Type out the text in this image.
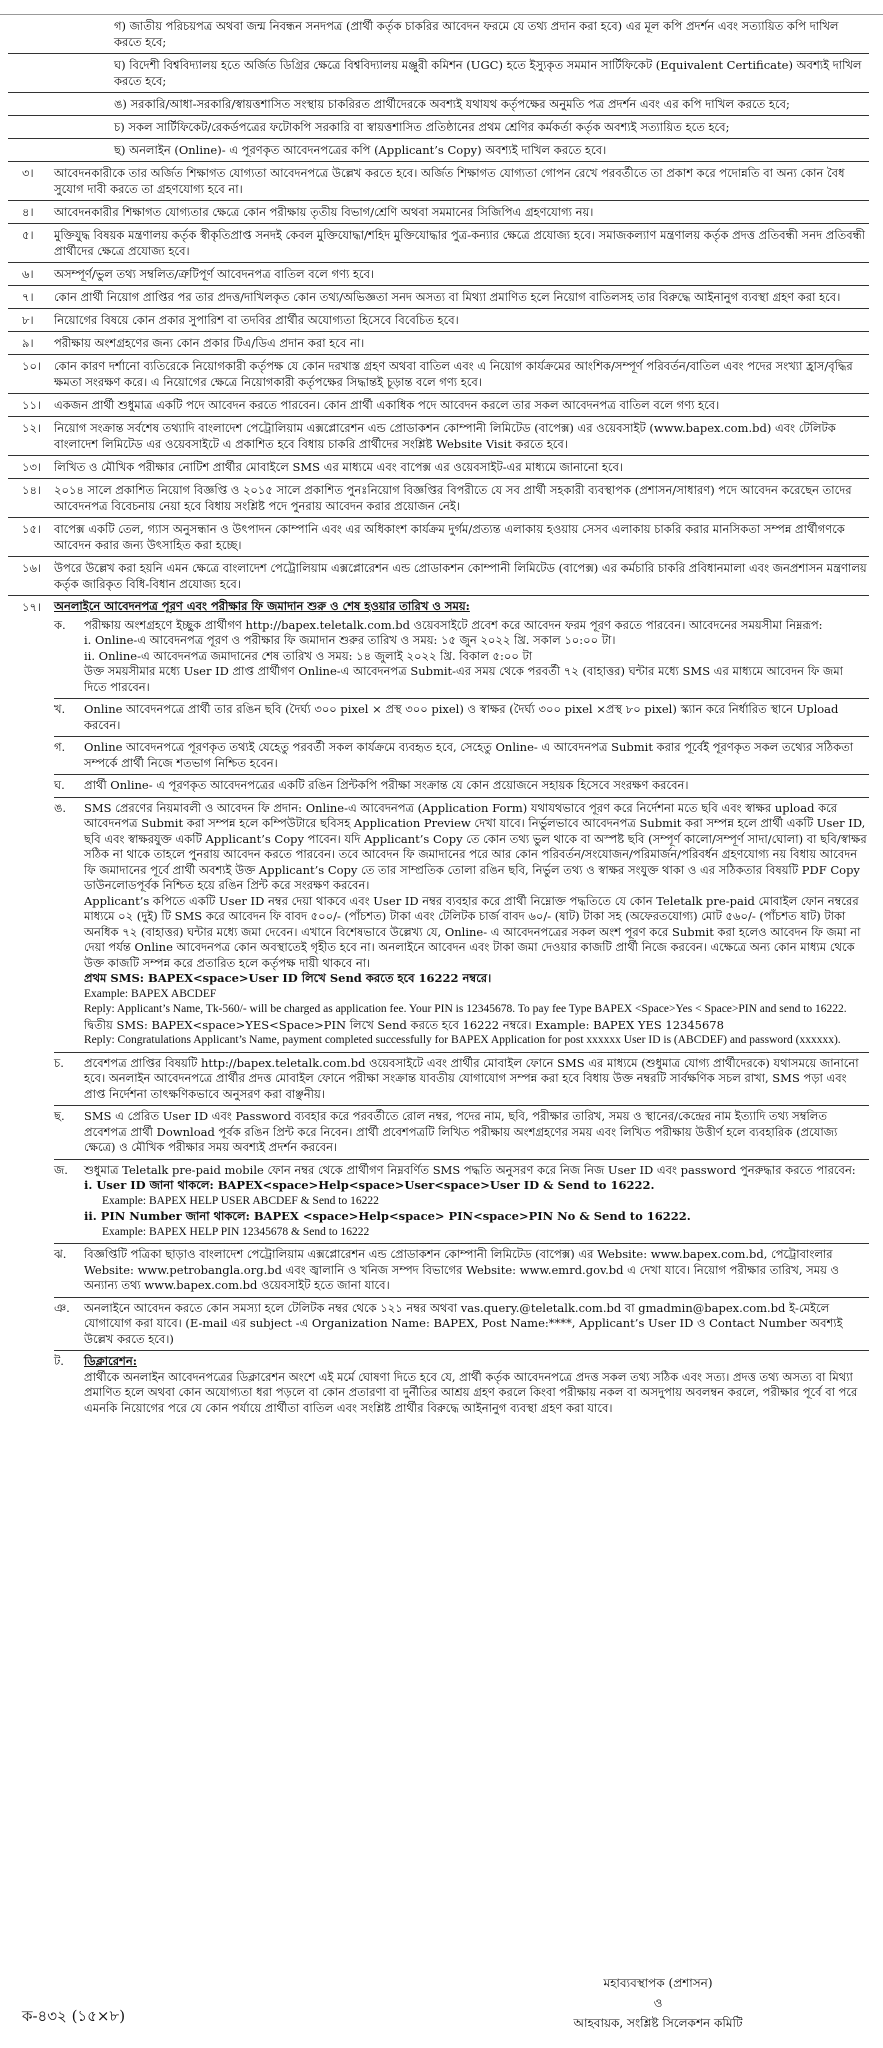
গ) জাতীয় পরিচয়পত্র অথবা জন্ম নিবন্ধন সনদপত্র (প্রার্থী কর্তৃক চাকরির আবেদন ফরমে যে তথ্য প্রদান করা হবে) এর মূল কপি প্রদর্শন এবং সত্যায়িত কপি দাখিল করতে হবে;
ঘ) বিদেশী বিশ্ববিদ্যালয় হতে অর্জিত ডিগ্রির ক্ষেত্রে বিশ্ববিদ্যালয় মঞ্জুরী কমিশন (UGC) হতে ইস্যুকৃত সমমান সার্টিফিকেট (Equivalent Certificate) অবশ্যই দাখিল করতে হবে;
ঙ) সরকারি/আধা-সরকারি/স্বায়ত্তশাসিত সংস্থায় চাকরিরত প্রার্থীদেরকে অবশ্যই যথাযথ কর্তৃপক্ষের অনুমতি পত্র প্রদর্শন এবং এর কপি দাখিল করতে হবে;
চ) সকল সার্টিফিকেট/রেকর্ডপত্রের ফটোকপি সরকারি বা স্বায়ত্তশাসিত প্রতিষ্ঠানের প্রথম শ্রেণির কর্মকর্তা কর্তৃক অবশ্যই সত্যায়িত হতে হবে;
ছ) অনলাইন (Online)- এ পূরণকৃত আবেদনপত্রের কপি (Applicant’s Copy) অবশ্যই দাখিল করতে হবে।
৩।	আবেদনকারীকে তার অর্জিত শিক্ষাগত যোগ্যতা আবেদনপত্রে উল্লেখ করতে হবে। অর্জিত শিক্ষাগত যোগ্যতা গোপন রেখে পরবর্তীতে তা প্রকাশ করে পদোন্নতি বা অন্য কোন বৈধ সুযোগ দাবী করতে তা গ্রহণযোগ্য হবে না।
৪।	আবেদনকারীর শিক্ষাগত যোগ্যতার ক্ষেত্রে কোন পরীক্ষায় তৃতীয় বিভাগ/শ্রেণি অথবা সমমানের সিজিপিএ গ্রহণযোগ্য নয়।
৫।	মুক্তিযুদ্ধ বিষয়ক মন্ত্রণালয় কর্তৃক স্বীকৃতিপ্রাপ্ত সনদই কেবল মুক্তিযোদ্ধা/শহিদ মুক্তিযোদ্ধার পুত্র-কন্যার ক্ষেত্রে প্রযোজ্য হবে। সমাজকল্যাণ মন্ত্রণালয় কর্তৃক প্রদত্ত প্রতিবন্ধী সনদ প্রতিবন্ধী প্রার্থীদের ক্ষেত্রে প্রযোজ্য হবে।
৬।	অসম্পূর্ণ/ভুল তথ্য সম্বলিত/ত্রুটিপূর্ণ আবেদনপত্র বাতিল বলে গণ্য হবে।
৭।	কোন প্রার্থী নিয়োগ প্রাপ্তির পর তার প্রদত্ত/দাখিলকৃত কোন তথ্য/অভিজ্ঞতা সনদ অসত্য বা মিথ্যা প্রমাণিত হলে নিয়োগ বাতিলসহ তার বিরুদ্ধে আইনানুগ ব্যবস্থা গ্রহণ করা হবে।
৮।	নিয়োগের বিষয়ে কোন প্রকার সুপারিশ বা তদবির প্রার্থীর অযোগ্যতা হিসেবে বিবেচিত হবে।
৯।	পরীক্ষায় অংশগ্রহণের জন্য কোন প্রকার টিএ/ডিএ প্রদান করা হবে না।
১০।	কোন কারণ দর্শানো ব্যতিরেকে নিয়োগকারী কর্তৃপক্ষ যে কোন দরখাস্ত গ্রহণ অথবা বাতিল এবং এ নিয়োগ কার্যক্রমের আংশিক/সম্পূর্ণ পরিবর্তন/বাতিল এবং পদের সংখ্যা হ্রাস/বৃদ্ধির ক্ষমতা সংরক্ষণ করে। এ নিয়োগের ক্ষেত্রে নিয়োগকারী কর্তৃপক্ষের সিদ্ধান্তই চূড়ান্ত বলে গণ্য হবে।
১১।	একজন প্রার্থী শুধুমাত্র একটি পদে আবেদন করতে পারবেন। কোন প্রার্থী একাধিক পদে আবেদন করলে তার সকল আবেদনপত্র বাতিল বলে গণ্য হবে।
১২।	নিয়োগ সংক্রান্ত সর্বশেষ তথ্যাদি বাংলাদেশ পেট্রোলিয়াম এক্সপ্লোরেশন এন্ড প্রোডাকশন কোম্পানী লিমিটেড (বাপেক্স) এর ওয়েবসাইট (www.bapex.com.bd) এবং টেলিটক বাংলাদেশ লিমিটেড এর ওয়েবসাইটে এ প্রকাশিত হবে বিধায় চাকরি প্রার্থীদের সংশ্লিষ্ট Website Visit করতে হবে।
১৩।	লিখিত ও মৌখিক পরীক্ষার নোটিশ প্রার্থীর মোবাইলে SMS এর মাধ্যমে এবং বাপেক্স এর ওয়েবসাইট-এর মাধ্যমে জানানো হবে।
১৪।	২০১৪ সালে প্রকাশিত নিয়োগ বিজ্ঞপ্তি ও ২০১৫ সালে প্রকাশিত পুনঃনিয়োগ বিজ্ঞপ্তির বিপরীতে যে সব প্রার্থী সহকারী ব্যবস্থাপক (প্রশাসন/সাধারণ) পদে আবেদন করেছেন তাদের আবেদনপত্র বিবেচনায় নেয়া হবে বিধায় সংশ্লিষ্ট পদে পুনরায় আবেদন করার প্রয়োজন নেই।
১৫।	বাপেক্স একটি তেল, গ্যাস অনুসন্ধান ও উৎপাদন কোম্পানি এবং এর অধিকাংশ কার্যক্রম দুর্গম/প্রত্যন্ত এলাকায় হওয়ায় সেসব এলাকায় চাকরি করার মানসিকতা সম্পন্ন প্রার্থীগণকে আবেদন করার জন্য উৎসাহিত করা হচ্ছে।
১৬।	উপরে উল্লেখ করা হয়নি এমন ক্ষেত্রে বাংলাদেশ পেট্রোলিয়াম এক্সপ্লোরেশন এন্ড প্রোডাকশন কোম্পানী লিমিটেড (বাপেক্স) এর কর্মচারি চাকরি প্রবিধানমালা এবং জনপ্রশাসন মন্ত্রণালয় কর্তৃক জারিকৃত বিধি-বিধান প্রযোজ্য হবে।
১৭।	অনলাইনে আবেদনপত্র পূরণ এবং পরীক্ষার ফি জমাদান শুরু ও শেষ হওয়ার তারিখ ও সময়:
ক.	পরীক্ষায় অংশগ্রহণে ইচ্ছুক প্রার্থীগণ http://bapex.teletalk.com.bd ওয়েবসাইটে প্রবেশ করে আবেদন ফরম পূরণ করতে পারবেন। আবেদনের সময়সীমা নিম্নরূপ:
i. Online-এ আবেদনপত্র পূরণ ও পরীক্ষার ফি জমাদান শুরুর তারিখ ও সময়: ১৫ জুন ২০২২ খ্রি. সকাল ১০:০০ টা।
ii. Online-এ আবেদনপত্র জমাদানের শেষ তারিখ ও সময়: ১৪ জুলাই ২০২২ খ্রি. বিকাল ৫:০০ টা
উক্ত সময়সীমার মধ্যে User ID প্রাপ্ত প্রার্থীগণ Online-এ আবেদনপত্র Submit-এর সময় থেকে পরবর্তী ৭২ (বাহাত্তর) ঘন্টার মধ্যে SMS এর মাধ্যমে আবেদন ফি জমা দিতে পারবেন।
খ.	Online আবেদনপত্রে প্রার্থী তার রঙিন ছবি (দৈর্ঘ্য ৩০০ pixel × প্রস্থ ৩০০ pixel) ও স্বাক্ষর (দৈর্ঘ্য ৩০০ pixel ×প্রস্থ ৮০ pixel) স্ক্যান করে নির্ধারিত স্থানে Upload করবেন।
গ.	Online আবেদনপত্রে পূরণকৃত তথ্যই যেহেতু পরবর্তী সকল কার্যক্রমে ব্যবহৃত হবে, সেহেতু Online- এ আবেদনপত্র Submit করার পূর্বেই পূরণকৃত সকল তথ্যের সঠিকতা সম্পর্কে প্রার্থী নিজে শতভাগ নিশ্চিত হবেন।
ঘ.	প্রার্থী Online- এ পূরণকৃত আবেদনপত্রের একটি রঙিন প্রিন্টকপি পরীক্ষা সংক্রান্ত যে কোন প্রয়োজনে সহায়ক হিসেবে সংরক্ষণ করবেন।
ঙ.	SMS প্রেরণের নিয়মাবলী ও আবেদন ফি প্রদান: Online-এ আবেদনপত্র (Application Form) যথাযথভাবে পূরণ করে নির্দেশনা মতে ছবি এবং স্বাক্ষর upload করে আবেদনপত্র Submit করা সম্পন্ন হলে কম্পিউটারে ছবিসহ Application Preview দেখা যাবে। নির্ভুলভাবে আবেদনপত্র Submit করা সম্পন্ন হলে প্রার্থী একটি User ID, ছবি এবং স্বাক্ষরযুক্ত একটি Applicant’s Copy পাবেন। যদি Applicant’s Copy তে কোন তথ্য ভুল থাকে বা অস্পষ্ট ছবি (সম্পূর্ণ কালো/সম্পূর্ণ সাদা/ঘোলা) বা ছবি/স্বাক্ষর সঠিক না থাকে তাহলে পুনরায় আবেদন করতে পারবেন। তবে আবেদন ফি জমাদানের পরে আর কোন পরিবর্তন/সংযোজন/পরিমার্জন/পরিবর্ধন গ্রহণযোগ্য নয় বিধায় আবেদন ফি জমাদানের পূর্বে প্রার্থী অবশ্যই উক্ত Applicant’s Copy তে তার সাম্প্রতিক তোলা রঙিন ছবি, নির্ভুল তথ্য ও স্বাক্ষর সংযুক্ত থাকা ও এর সঠিকতার বিষয়টি PDF Copy ডাউনলোডপূর্বক নিশ্চিত হয়ে রঙিন প্রিন্ট করে সংরক্ষণ করবেন।
Applicant’s কপিতে একটি User ID নম্বর দেয়া থাকবে এবং User ID নম্বর ব্যবহার করে প্রার্থী নিম্নোক্ত পদ্ধতিতে যে কোন Teletalk pre-paid মোবাইল ফোন নম্বরের মাধ্যমে ০২ (দুই) টি SMS করে আবেদন ফি বাবদ ৫০০/- (পাঁচশত) টাকা এবং টেলিটক চার্জ বাবদ ৬০/- (ষাট) টাকা সহ (অফেরতযোগ্য) মোট ৫৬০/- (পাঁচশত ষাট) টাকা অনধিক ৭২ (বাহাত্তর) ঘন্টার মধ্যে জমা দেবেন। এখানে বিশেষভাবে উল্লেখ্য যে, Online- এ আবেদনপত্রের সকল অংশ পূরণ করে Submit করা হলেও আবেদন ফি জমা না দেয়া পর্যন্ত Online আবেদনপত্র কোন অবস্থাতেই গৃহীত হবে না। অনলাইনে আবেদন এবং টাকা জমা দেওয়ার কাজটি প্রার্থী নিজে করবেন। এক্ষেত্রে অন্য কোন মাধ্যম থেকে উক্ত কাজটি সম্পন্ন করে প্রতারিত হলে কর্তৃপক্ষ দায়ী থাকবে না।
প্রথম SMS: BAPEX<space>User ID লিখে Send করতে হবে 16222 নম্বরে।
Example: BAPEX ABCDEF
Reply: Applicant’s Name, Tk-560/- will be charged as application fee. Your PIN is 12345678. To pay fee Type BAPEX <Space>Yes < Space>PIN and send to 16222.
দ্বিতীয় SMS: BAPEX<space>YES<Space>PIN লিখে Send করতে হবে 16222 নম্বরে। Example: BAPEX YES 12345678
Reply: Congratulations Applicant’s Name, payment completed successfully for BAPEX Application for post xxxxxx User ID is (ABCDEF) and password (xxxxxx).
চ.	প্রবেশপত্র প্রাপ্তির বিষয়টি http://bapex.teletalk.com.bd ওয়েবসাইটে এবং প্রার্থীর মোবাইল ফোনে SMS এর মাধ্যমে (শুধুমাত্র যোগ্য প্রার্থীদেরকে) যথাসময়ে জানানো হবে। অনলাইন আবেদনপত্রে প্রার্থীর প্রদত্ত মোবাইল ফোনে পরীক্ষা সংক্রান্ত যাবতীয় যোগাযোগ সম্পন্ন করা হবে বিধায় উক্ত নম্বরটি সার্বক্ষণিক সচল রাখা, SMS পড়া এবং প্রাপ্ত নির্দেশনা তাৎক্ষণিকভাবে অনুসরণ করা বাঞ্ছনীয়।
ছ.	SMS এ প্রেরিত User ID এবং Password ব্যবহার করে পরবর্তীতে রোল নম্বর, পদের নাম, ছবি, পরীক্ষার তারিখ, সময় ও স্থানের/কেন্দ্রের নাম ইত্যাদি তথ্য সম্বলিত প্রবেশপত্র প্রার্থী Download পূর্বক রঙিন প্রিন্ট করে নিবেন। প্রার্থী প্রবেশপত্রটি লিখিত পরীক্ষায় অংশগ্রহণের সময় এবং লিখিত পরীক্ষায় উত্তীর্ণ হলে ব্যবহারিক (প্রযোজ্য ক্ষেত্রে) ও মৌখিক পরীক্ষার সময় অবশ্যই প্রদর্শন করবেন।
জ.	শুধুমাত্র Teletalk pre-paid mobile ফোন নম্বর থেকে প্রার্থীগণ নিম্নবর্ণিত SMS পদ্ধতি অনুসরণ করে নিজ নিজ User ID এবং password পুনরুদ্ধার করতে পারবেন:
i. User ID জানা থাকলে: BAPEX<space>Help<space>User<space>User ID & Send to 16222.
Example: BAPEX HELP USER ABCDEF & Send to 16222
ii. PIN Number জানা থাকলে: BAPEX <space>Help<space> PIN<space>PIN No & Send to 16222.
Example: BAPEX HELP PIN 12345678 & Send to 16222
ঝ.	বিজ্ঞপ্তিটি পত্রিকা ছাড়াও বাংলাদেশ পেট্রোলিয়াম এক্সপ্লোরেশন এন্ড প্রোডাকশন কোম্পানী লিমিটেড (বাপেক্স) এর Website: www.bapex.com.bd, পেট্রোবাংলার Website: www.petrobangla.org.bd এবং জ্বালানি ও খনিজ সম্পদ বিভাগের Website: www.emrd.gov.bd এ দেখা যাবে। নিয়োগ পরীক্ষার তারিখ, সময় ও অন্যান্য তথ্য www.bapex.com.bd ওয়েবসাইট হতে জানা যাবে।
ঞ.	অনলাইনে আবেদন করতে কোন সমস্যা হলে টেলিটক নম্বর থেকে ১২১ নম্বর অথবা vas.query.@teletalk.com.bd বা gmadmin@bapex.com.bd ই-মেইলে যোগাযোগ করা যাবে। (E-mail এর subject -এ Organization Name: BAPEX, Post Name:****, Applicant’s User ID ও Contact Number অবশ্যই উল্লেখ করতে হবে।)
ট.	ডিক্লারেশন:
প্রার্থীকে অনলাইন আবেদনপত্রের ডিক্লারেশন অংশে এই মর্মে ঘোষণা দিতে হবে যে, প্রার্থী কর্তৃক আবেদনপত্রে প্রদত্ত সকল তথ্য সঠিক এবং সত্য। প্রদত্ত তথ্য অসত্য বা মিথ্যা প্রমাণিত হলে অথবা কোন অযোগ্যতা ধরা পড়লে বা কোন প্রতারণা বা দুর্নীতির আশ্রয় গ্রহণ করলে কিংবা পরীক্ষায় নকল বা অসদুপায় অবলম্বন করলে, পরীক্ষার পূর্বে বা পরে এমনকি নিয়োগের পরে যে কোন পর্যায়ে প্রার্থীতা বাতিল এবং সংশ্লিষ্ট প্রার্থীর বিরুদ্ধে আইনানুগ ব্যবস্থা গ্রহণ করা যাবে।
ক-৪৩২ (১৫×৮)
মহাব্যবস্থাপক (প্রশাসন)
ও
আহবায়ক, সংশ্লিষ্ট সিলেকশন কমিটি
